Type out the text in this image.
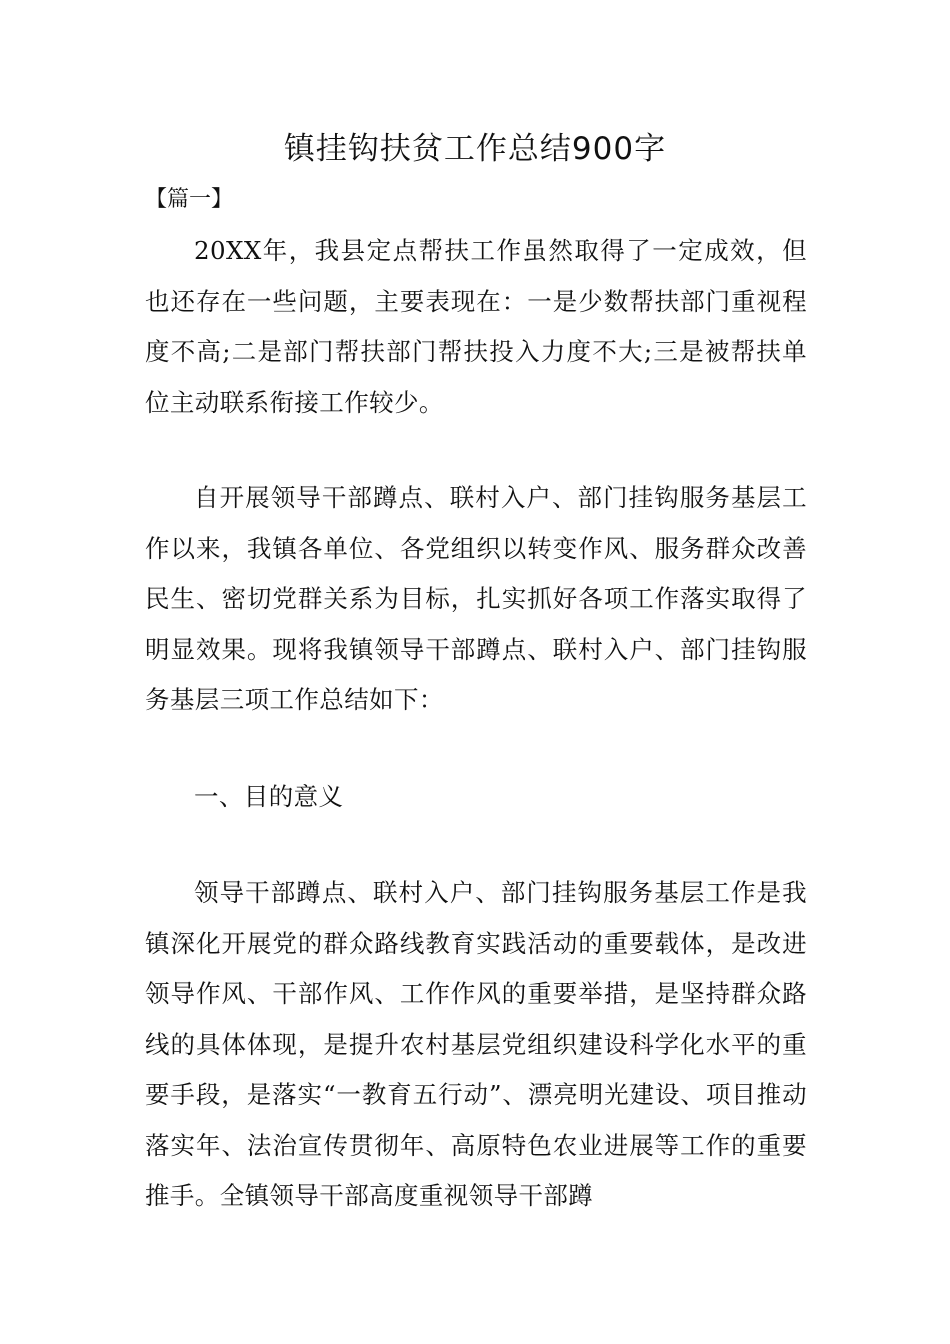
镇挂钩扶贫工作总结900字

【篇一】

20XX年，我县定点帮扶工作虽然取得了一定成效，但也还存在一些问题，主要表现在：一是少数帮扶部门重视程度不高;二是部门帮扶部门帮扶投入力度不大;三是被帮扶单位主动联系衔接工作较少。

自开展领导干部蹲点、联村入户、部门挂钩服务基层工作以来，我镇各单位、各党组织以转变作风、服务群众改善民生、密切党群关系为目标，扎实抓好各项工作落实取得了明显效果。现将我镇领导干部蹲点、联村入户、部门挂钩服务基层三项工作总结如下：

一、目的意义

领导干部蹲点、联村入户、部门挂钩服务基层工作是我镇深化开展党的群众路线教育实践活动的重要载体，是改进领导作风、干部作风、工作作风的重要举措，是坚持群众路线的具体体现，是提升农村基层党组织建设科学化水平的重要手段，是落实“一教育五行动”、漂亮明光建设、项目推动落实年、法治宣传贯彻年、高原特色农业进展等工作的重要推手。全镇领导干部高度重视领导干部蹲
